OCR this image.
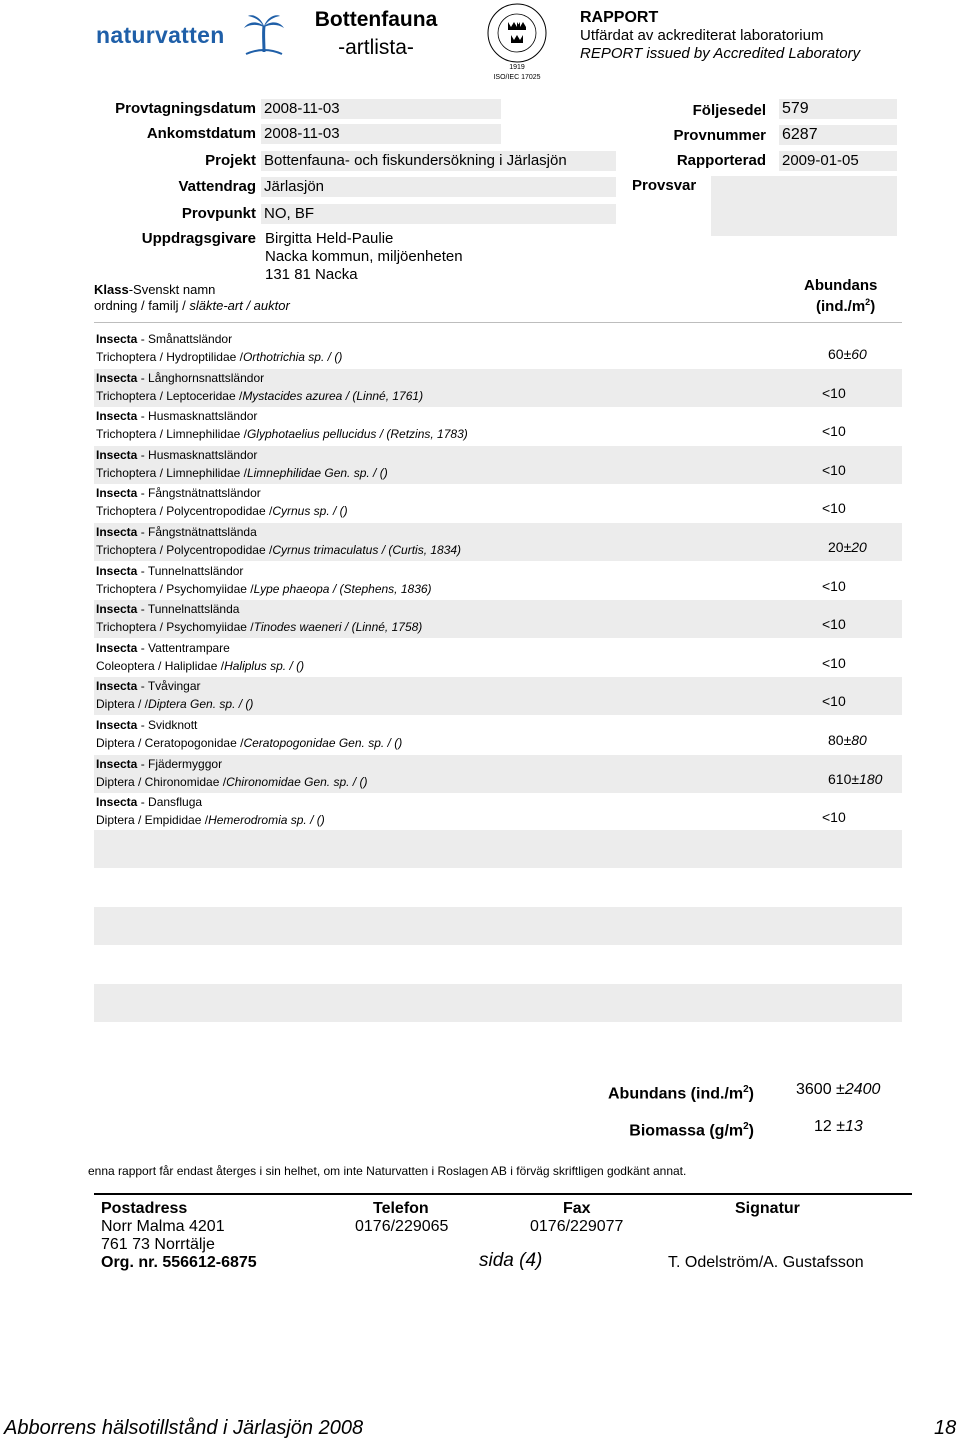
naturvatten
Bottenfauna
-artlista-
1919
ISO/IEC 17025
RAPPORT
Utfärdat av ackrediterat laboratorium
REPORT issued by Accredited Laboratory
Provtagningsdatum 2008-11-03
Ankomstdatum 2008-11-03
Projekt Bottenfauna- och fiskundersökning i Järlasjön
Vattendrag Järlasjön
Provpunkt NO, BF
Uppdragsgivare Birgitta Held-Paulie
Nacka kommun, miljöenheten
131 81 Nacka
Följesedel 579
Provnummer 6287
Rapporterad 2009-01-05
Provsvar
Klass-Svenskt namn
ordning / familj / släkte-art / auktor
Abundans
$(ind./m^2)$
Insecta - Smånattsländor
Trichoptera / Hydroptilidae /Orthotrichia sp. / ()	60±60
Insecta - Långhornsnattsländor
Trichoptera / Leptoceridae /Mystacides azurea / (Linné, 1761)	<10
Insecta - Husmasknattsländor
Trichoptera / Limnephilidae /Glyphotaelius pellucidus / (Retzins, 1783)	<10
Insecta - Husmasknattsländor
Trichoptera / Limnephilidae /Limnephilidae Gen. sp. / ()	<10
Insecta - Fångstnätnattsländor
Trichoptera / Polycentropodidae /Cyrnus sp. / ()	<10
Insecta - Fångstnätnattslända
Trichoptera / Polycentropodidae /Cyrnus trimaculatus / (Curtis, 1834)	20±20
Insecta - Tunnelnattsländor
Trichoptera / Psychomyiidae /Lype phaeopa / (Stephens, 1836)	<10
Insecta - Tunnelnattslända
Trichoptera / Psychomyiidae /Tinodes waeneri / (Linné, 1758)	<10
Insecta - Vattentrampare
Coleoptera / Haliplidae /Haliplus sp. / ()	<10
Insecta - Tvåvingar
Diptera / /Diptera Gen. sp. / ()	<10
Insecta - Svidknott
Diptera / Ceratopogonidae /Ceratopogonidae Gen. sp. / ()	80±80
Insecta - Fjädermyggor
Diptera / Chironomidae /Chironomidae Gen. sp. / ()	610±180
Insecta - Dansfluga
Diptera / Empididae /Hemerodromia sp. / ()	<10
Abundans $(ind./m^2)$	3600 ±2400
Biomassa $(g/m^2)$	12 ±13
enna rapport får endast återges i sin helhet, om inte Naturvatten i Roslagen AB i förväg skriftligen godkänt annat.
Postadress
Norr Malma 4201
761 73 Norrtälje
Org. nr. 556612-6875
Telefon
0176/229065
Fax
0176/229077
Signatur
T. Odelström/A. Gustafsson
sida (4)
Abborrens hälsotillstånd i Järlasjön 2008	18
